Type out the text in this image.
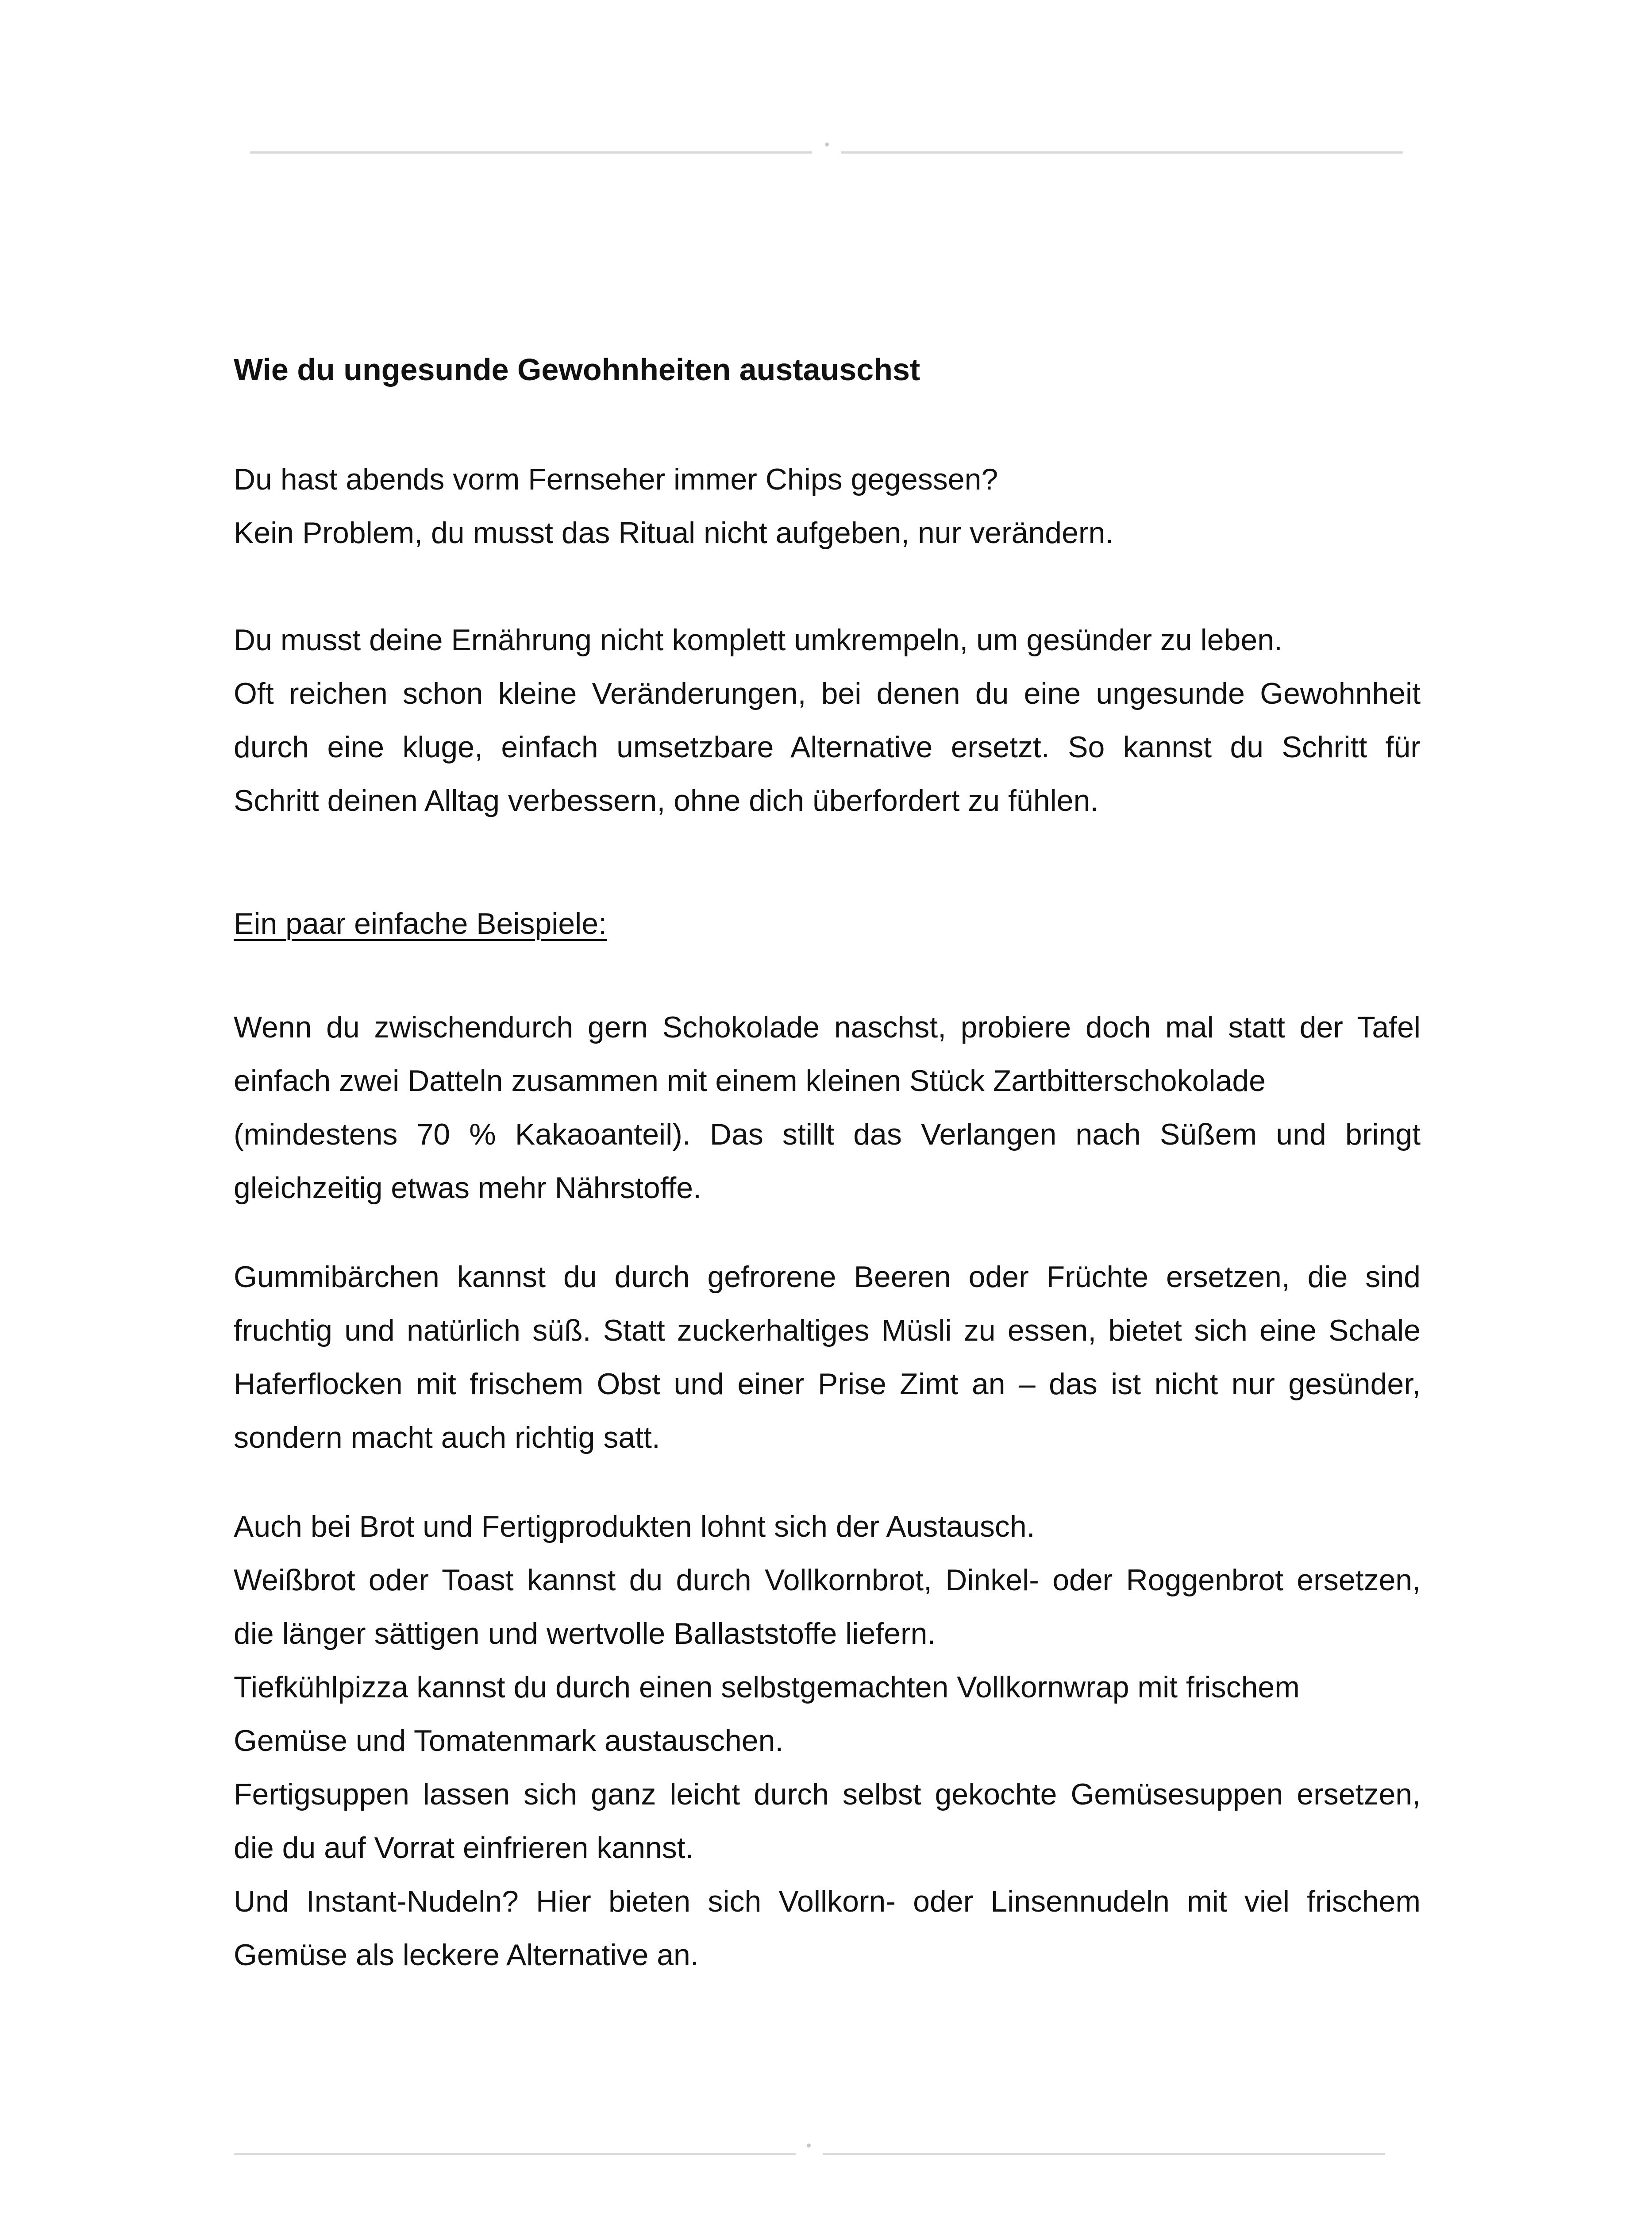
Wie du ungesunde Gewohnheiten austauschst
Du hast abends vorm Fernseher immer Chips gegessen?
Kein Problem, du musst das Ritual nicht aufgeben, nur verändern.
Du musst deine Ernährung nicht komplett umkrempeln, um gesünder zu leben.
Oft reichen schon kleine Veränderungen, bei denen du eine ungesunde Gewohnheit
durch eine kluge, einfach umsetzbare Alternative ersetzt. So kannst du Schritt für
Schritt deinen Alltag verbessern, ohne dich überfordert zu fühlen.
Ein paar einfache Beispiele:
Wenn du zwischendurch gern Schokolade naschst, probiere doch mal statt der Tafel
einfach zwei Datteln zusammen mit einem kleinen Stück Zartbitterschokolade
(mindestens 70 % Kakaoanteil). Das stillt das Verlangen nach Süßem und bringt
gleichzeitig etwas mehr Nährstoffe.
Gummibärchen kannst du durch gefrorene Beeren oder Früchte ersetzen, die sind
fruchtig und natürlich süß. Statt zuckerhaltiges Müsli zu essen, bietet sich eine Schale
Haferflocken mit frischem Obst und einer Prise Zimt an – das ist nicht nur gesünder,
sondern macht auch richtig satt.
Auch bei Brot und Fertigprodukten lohnt sich der Austausch.
Weißbrot oder Toast kannst du durch Vollkornbrot, Dinkel- oder Roggenbrot ersetzen,
die länger sättigen und wertvolle Ballaststoffe liefern.
Tiefkühlpizza kannst du durch einen selbstgemachten Vollkornwrap mit frischem
Gemüse und Tomatenmark austauschen.
Fertigsuppen lassen sich ganz leicht durch selbst gekochte Gemüsesuppen ersetzen,
die du auf Vorrat einfrieren kannst.
Und Instant-Nudeln? Hier bieten sich Vollkorn- oder Linsennudeln mit viel frischem
Gemüse als leckere Alternative an.
